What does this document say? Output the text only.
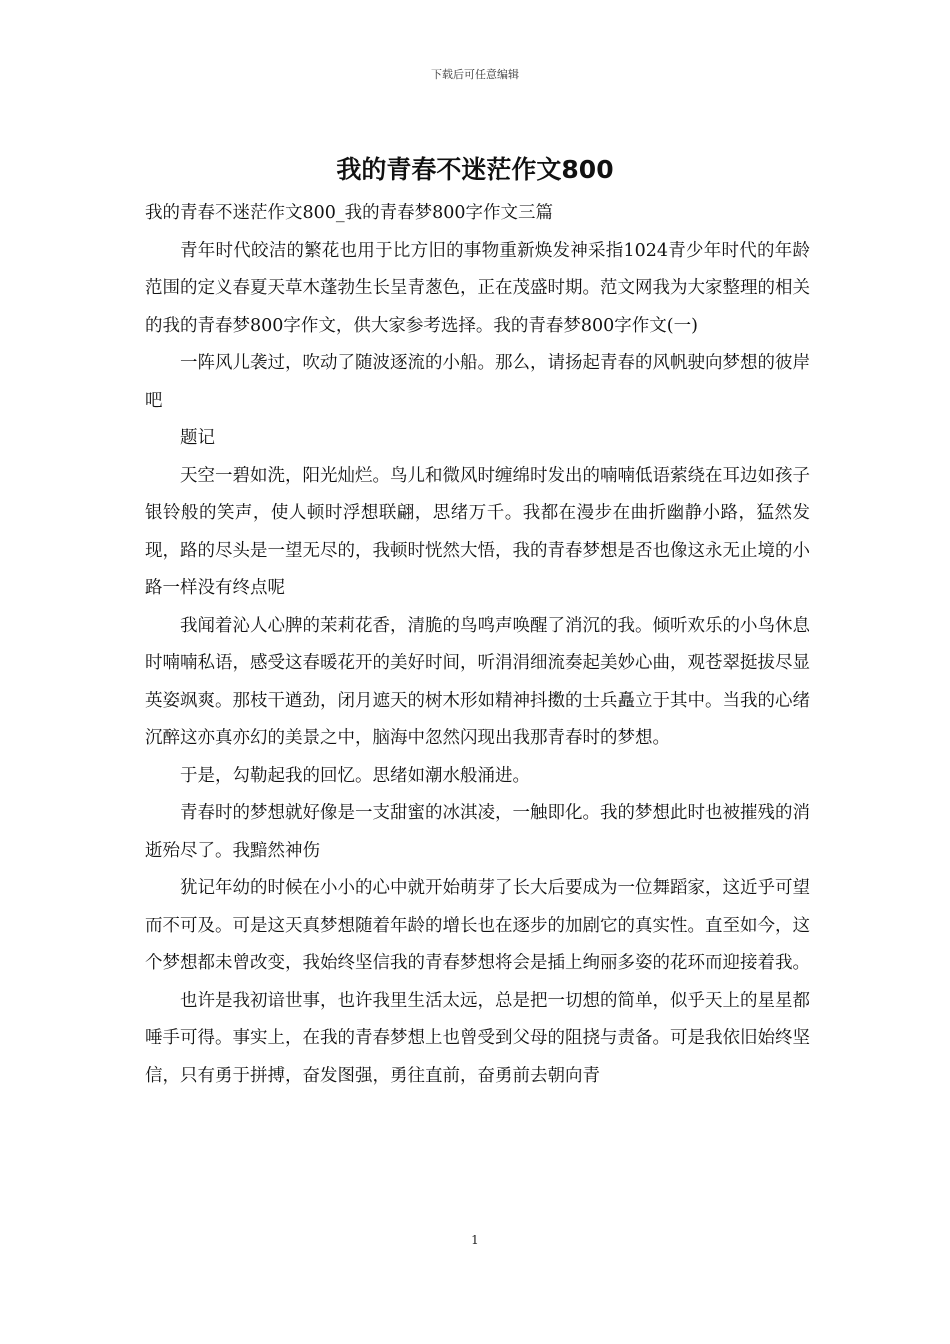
下载后可任意编辑
我的青春不迷茫作文800

我的青春不迷茫作文800_我的青春梦800字作文三篇

青年时代皎洁的繁花也用于比方旧的事物重新焕发神采指1024青少年时代的年龄范围的定义春夏天草木蓬勃生长呈青葱色，正在茂盛时期。范文网我为大家整理的相关的我的青春梦800字作文，供大家参考选择。我的青春梦800字作文(一)

一阵风儿袭过，吹动了随波逐流的小船。那么，请扬起青春的风帆驶向梦想的彼岸吧

题记

天空一碧如洗，阳光灿烂。鸟儿和微风时缠绵时发出的喃喃低语萦绕在耳边如孩子银铃般的笑声，使人顿时浮想联翩，思绪万千。我都在漫步在曲折幽静小路，猛然发现，路的尽头是一望无尽的，我顿时恍然大悟，我的青春梦想是否也像这永无止境的小路一样没有终点呢

我闻着沁人心脾的茉莉花香，清脆的鸟鸣声唤醒了消沉的我。倾听欢乐的小鸟休息时喃喃私语，感受这春暖花开的美好时间，听涓涓细流奏起美妙心曲，观苍翠挺拔尽显英姿飒爽。那枝干遒劲，闭月遮天的树木形如精神抖擞的士兵矗立于其中。当我的心绪沉醉这亦真亦幻的美景之中，脑海中忽然闪现出我那青春时的梦想。

于是，勾勒起我的回忆。思绪如潮水般涌进。

青春时的梦想就好像是一支甜蜜的冰淇凌，一触即化。我的梦想此时也被摧残的消逝殆尽了。我黯然神伤

犹记年幼的时候在小小的心中就开始萌芽了长大后要成为一位舞蹈家，这近乎可望而不可及。可是这天真梦想随着年龄的增长也在逐步的加剧它的真实性。直至如今，这个梦想都未曾改变，我始终坚信我的青春梦想将会是插上绚丽多姿的花环而迎接着我。

也许是我初谙世事，也许我里生活太远，总是把一切想的简单，似乎天上的星星都唾手可得。事实上，在我的青春梦想上也曾受到父母的阻挠与责备。可是我依旧始终坚信，只有勇于拼搏，奋发图强，勇往直前，奋勇前去朝向青

1
